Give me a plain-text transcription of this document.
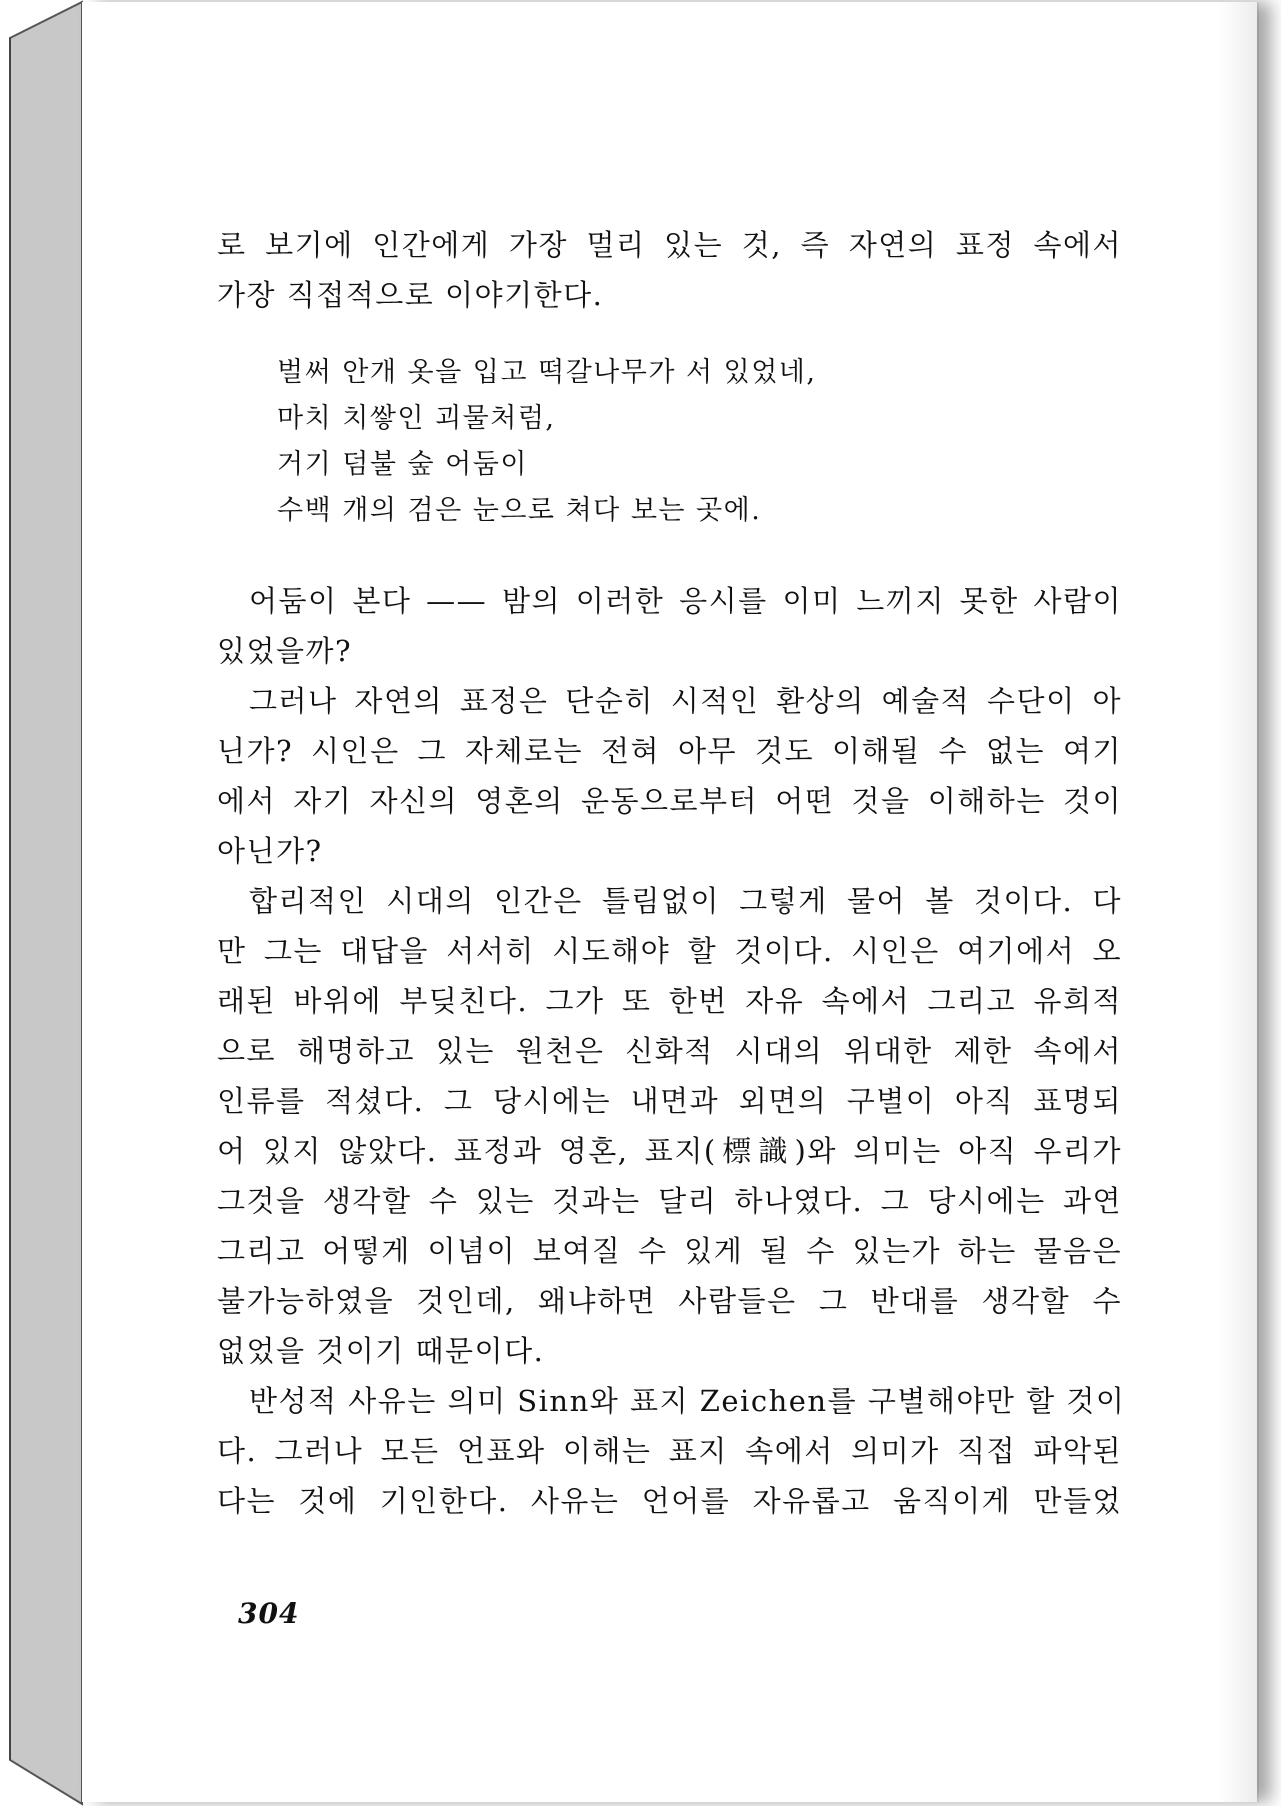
로 보기에 인간에게 가장 멀리 있는 것, 즉 자연의 표정 속에서
가장 직접적으로 이야기한다.

벌써 안개 옷을 입고 떡갈나무가 서 있었네,
마치 치쌓인 괴물처럼,
거기 덤불 숲 어둠이
수백 개의 검은 눈으로 쳐다 보는 곳에.

어둠이 본다 —— 밤의 이러한 응시를 이미 느끼지 못한 사람이
있었을까?

그러나 자연의 표정은 단순히 시적인 환상의 예술적 수단이 아
닌가? 시인은 그 자체로는 전혀 아무 것도 이해될 수 없는 여기
에서 자기 자신의 영혼의 운동으로부터 어떤 것을 이해하는 것이
아닌가?

합리적인 시대의 인간은 틀림없이 그렇게 물어 볼 것이다. 다
만 그는 대답을 서서히 시도해야 할 것이다. 시인은 여기에서 오
래된 바위에 부딪친다. 그가 또 한번 자유 속에서 그리고 유희적
으로 해명하고 있는 원천은 신화적 시대의 위대한 제한 속에서
인류를 적셨다. 그 당시에는 내면과 외면의 구별이 아직 표명되
어 있지 않았다. 표정과 영혼, 표지(標識)와 의미는 아직 우리가
그것을 생각할 수 있는 것과는 달리 하나였다. 그 당시에는 과연
그리고 어떻게 이념이 보여질 수 있게 될 수 있는가 하는 물음은
불가능하였을 것인데, 왜냐하면 사람들은 그 반대를 생각할 수
없었을 것이기 때문이다.

반성적 사유는 의미 Sinn와 표지 Zeichen를 구별해야만 할 것이
다. 그러나 모든 언표와 이해는 표지 속에서 의미가 직접 파악된
다는 것에 기인한다. 사유는 언어를 자유롭고 움직이게 만들었

304
